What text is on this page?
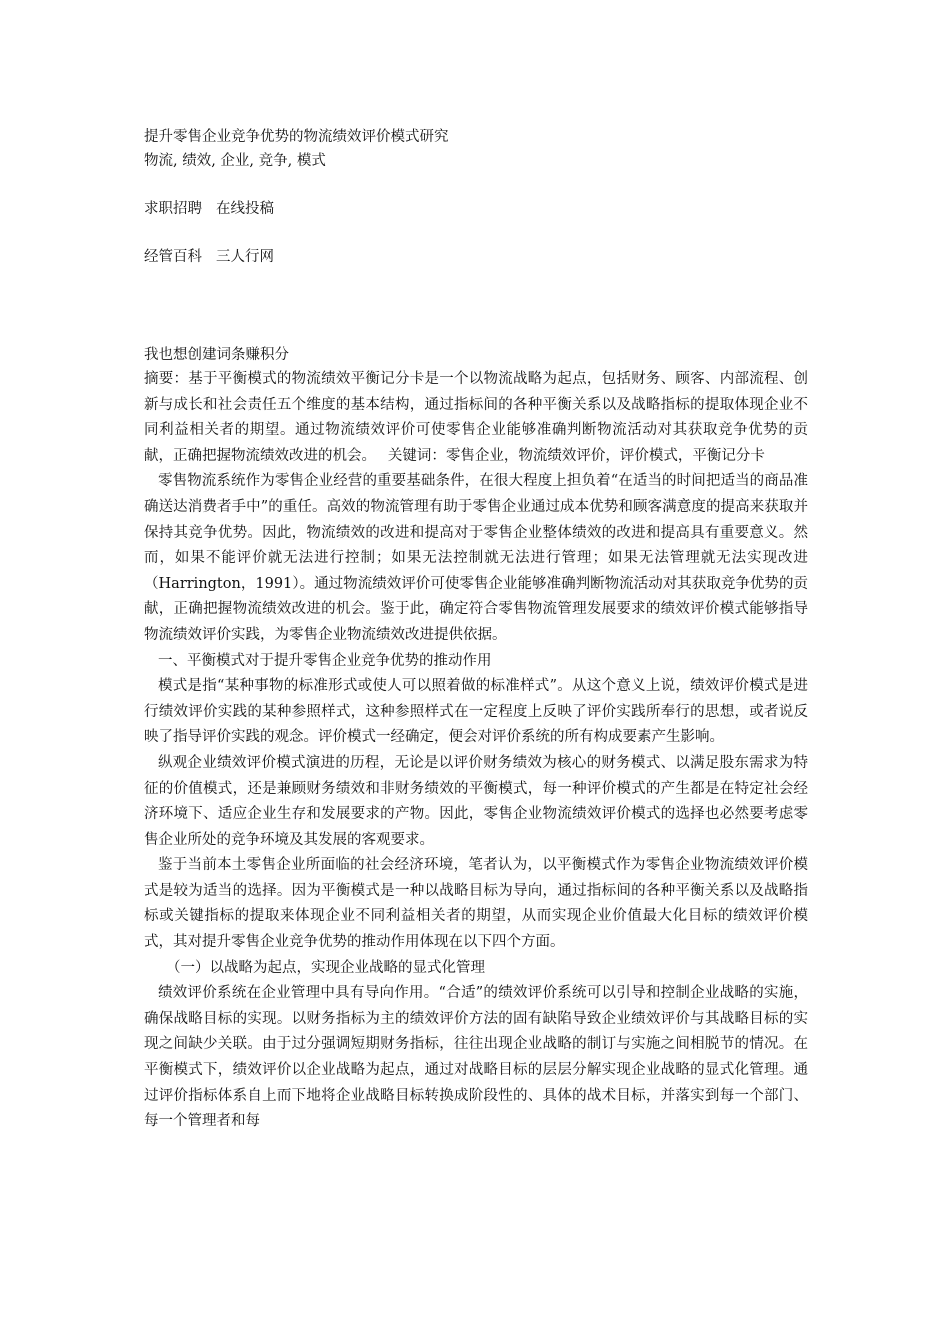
提升零售企业竞争优势的物流绩效评价模式研究
物流, 绩效, 企业, 竞争, 模式
求职招聘 在线投稿
经管百科 三人行网
我也想创建词条赚积分

摘要：基于平衡模式的物流绩效平衡记分卡是一个以物流战略为起点，包括财务、顾客、内部流程、创新与成长和社会责任五个维度的基本结构，通过指标间的各种平衡关系以及战略指标的提取体现企业不同利益相关者的期望。通过物流绩效评价可使零售企业能够准确判断物流活动对其获取竞争优势的贡献，正确把握物流绩效改进的机会。　 关键词：零售企业，物流绩效评价，评价模式，平衡记分卡

零售物流系统作为零售企业经营的重要基础条件，在很大程度上担负着“在适当的时间把适当的商品准确送达消费者手中”的重任。高效的物流管理有助于零售企业通过成本优势和顾客满意度的提高来获取并保持其竞争优势。因此，物流绩效的改进和提高对于零售企业整体绩效的改进和提高具有重要意义。然而，如果不能评价就无法进行控制；如果无法控制就无法进行管理；如果无法管理就无法实现改进（Harrington，1991）。通过物流绩效评价可使零售企业能够准确判断物流活动对其获取竞争优势的贡献，正确把握物流绩效改进的机会。鉴于此，确定符合零售物流管理发展要求的绩效评价模式能够指导物流绩效评价实践，为零售企业物流绩效改进提供依据。

一、平衡模式对于提升零售企业竞争优势的推动作用

模式是指“某种事物的标准形式或使人可以照着做的标准样式”。从这个意义上说，绩效评价模式是进行绩效评价实践的某种参照样式，这种参照样式在一定程度上反映了评价实践所奉行的思想，或者说反映了指导评价实践的观念。评价模式一经确定，便会对评价系统的所有构成要素产生影响。

纵观企业绩效评价模式演进的历程，无论是以评价财务绩效为核心的财务模式、以满足股东需求为特征的价值模式，还是兼顾财务绩效和非财务绩效的平衡模式，每一种评价模式的产生都是在特定社会经济环境下、适应企业生存和发展要求的产物。因此，零售企业物流绩效评价模式的选择也必然要考虑零售企业所处的竞争环境及其发展的客观要求。

鉴于当前本土零售企业所面临的社会经济环境，笔者认为，以平衡模式作为零售企业物流绩效评价模式是较为适当的选择。因为平衡模式是一种以战略目标为导向，通过指标间的各种平衡关系以及战略指标或关键指标的提取来体现企业不同利益相关者的期望，从而实现企业价值最大化目标的绩效评价模式，其对提升零售企业竞争优势的推动作用体现在以下四个方面。

（一）以战略为起点，实现企业战略的显式化管理

绩效评价系统在企业管理中具有导向作用。“合适”的绩效评价系统可以引导和控制企业战略的实施，确保战略目标的实现。以财务指标为主的绩效评价方法的固有缺陷导致企业绩效评价与其战略目标的实现之间缺少关联。由于过分强调短期财务指标，往往出现企业战略的制订与实施之间相脱节的情况。在平衡模式下，绩效评价以企业战略为起点，通过对战略目标的层层分解实现企业战略的显式化管理。通过评价指标体系自上而下地将企业战略目标转换成阶段性的、具体的战术目标，并落实到每一个部门、每一个管理者和每
